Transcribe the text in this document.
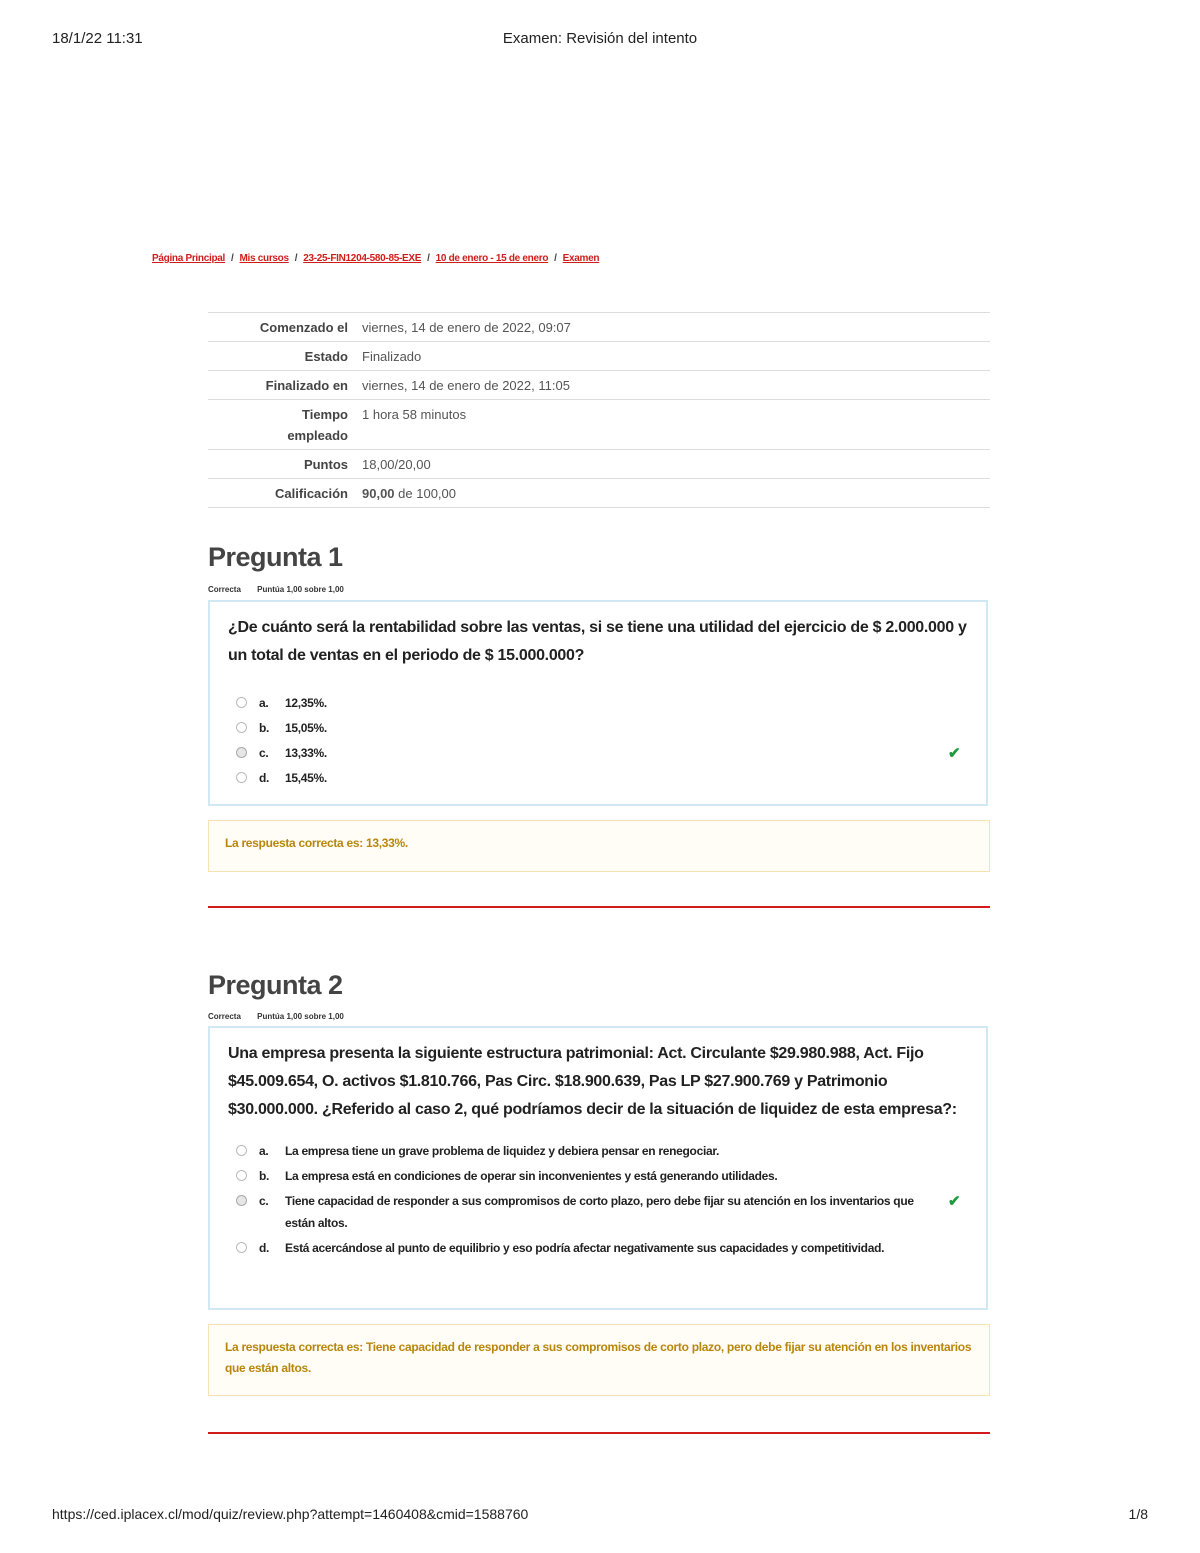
18/1/22 11:31	Examen: Revisión del intento
Página Principal / Mis cursos / 23-25-FIN1204-580-85-EXE / 10 de enero - 15 de enero / Examen
Comenzado el	viernes, 14 de enero de 2022, 09:07
Estado	Finalizado
Finalizado en	viernes, 14 de enero de 2022, 11:05
Tiempo
empleado	1 hora 58 minutos
Puntos	18,00/20,00
Calificación	90,00 de 100,00
Pregunta 1
Correcta Puntúa 1,00 sobre 1,00
¿De cuánto será la rentabilidad sobre las ventas, si se tiene una utilidad del ejercicio de $ 2.000.000 y un total de ventas en el periodo de $ 15.000.000?
a.	12,35%.
b.	15,05%.
c.	13,33%.	✔
d.	15,45%.
La respuesta correcta es: 13,33%.
Pregunta 2
Correcta Puntúa 1,00 sobre 1,00
Una empresa presenta la siguiente estructura patrimonial: Act. Circulante $29.980.988, Act. Fijo $45.009.654, O. activos $1.810.766, Pas Circ. $18.900.639, Pas LP $27.900.769 y Patrimonio $30.000.000. ¿Referido al caso 2, qué podríamos decir de la situación de liquidez de esta empresa?:
a.	La empresa tiene un grave problema de liquidez y debiera pensar en renegociar.
b.	La empresa está en condiciones de operar sin inconvenientes y está generando utilidades.
c.	Tiene capacidad de responder a sus compromisos de corto plazo, pero debe fijar su atención en los inventarios que están altos.
✔
d.	Está acercándose al punto de equilibrio y eso podría afectar negativamente sus capacidades y competitividad.
La respuesta correcta es: Tiene capacidad de responder a sus compromisos de corto plazo, pero debe fijar su atención en los inventarios que están altos.
https://ced.iplacex.cl/mod/quiz/review.php?attempt=1460408&cmid=1588760	1/8
